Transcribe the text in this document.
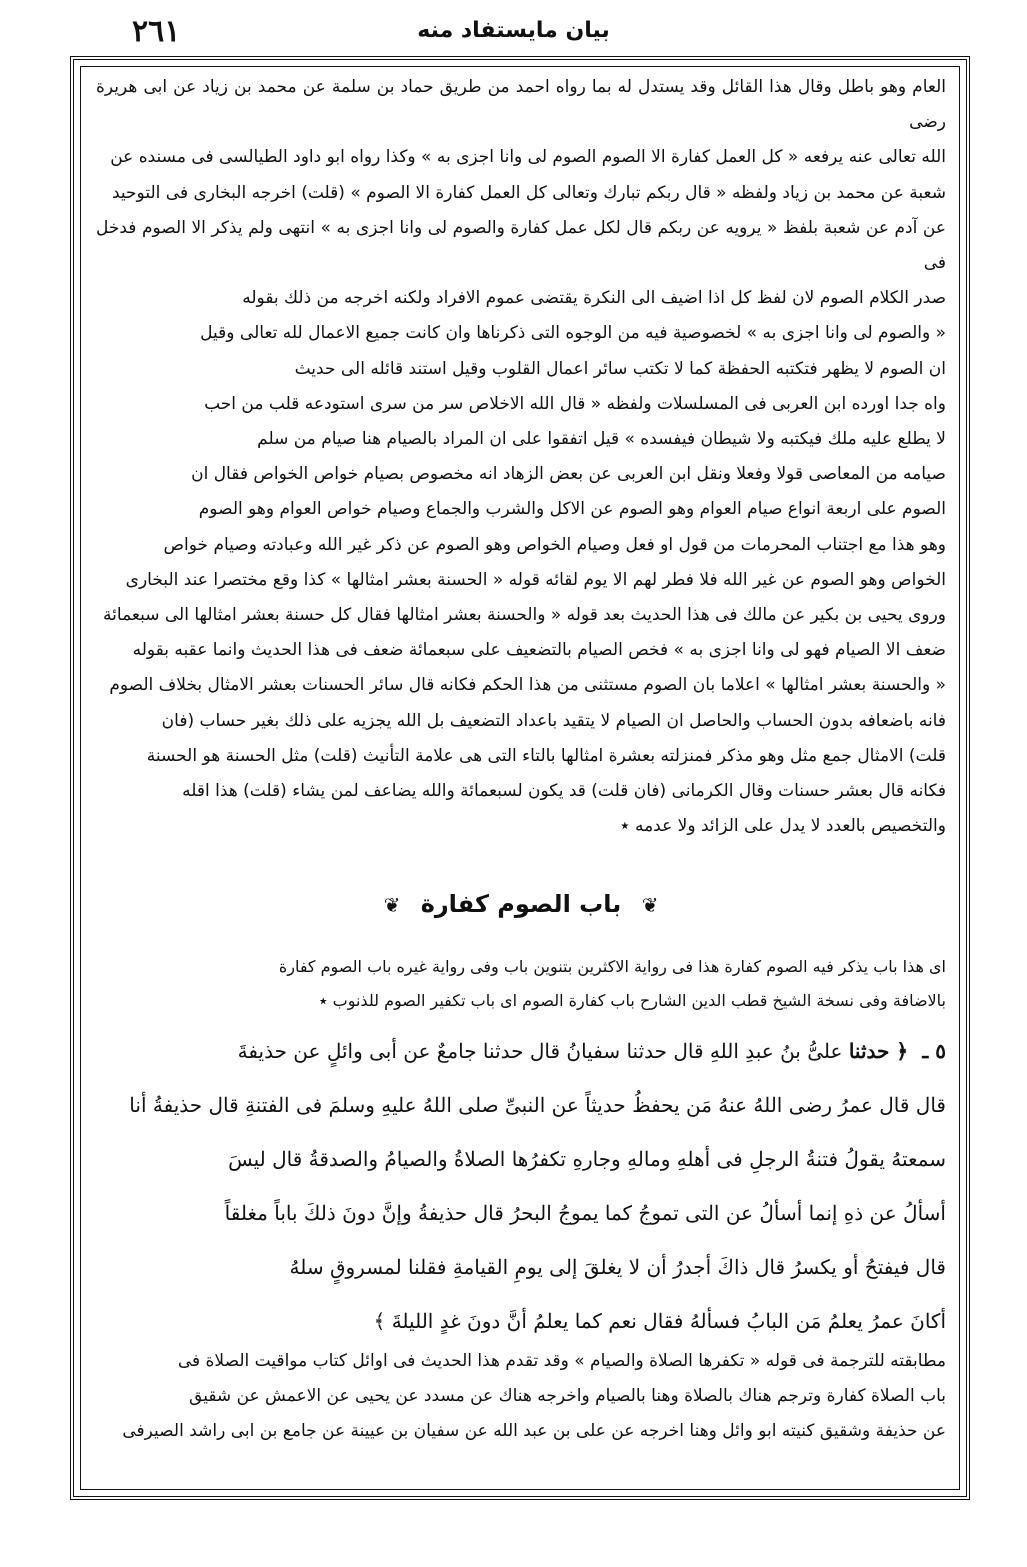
٢٦١	بيان مايستفاد منه

العام وهو باطل وقال هذا القائل وقد يستدل له بما رواه احمد من طريق حماد بن سلمة عن محمد بن زياد عن ابى هريرة رضى

الله تعالى عنه يرفعه « كل العمل كفارة الا الصوم الصوم لى وانا اجزى به » وكذا رواه ابو داود الطيالسى فى مسنده عن

شعبة عن محمد بن زياد ولفظه « قال ربكم تبارك وتعالى كل العمل كفارة الا الصوم » (قلت) اخرجه البخارى فى التوحيد

عن آدم عن شعبة بلفظ « يرويه عن ربكم قال لكل عمل كفارة والصوم لى وانا اجزى به » انتهى ولم يذكر الا الصوم فدخل فى

صدر الكلام الصوم لان لفظ كل اذا اضيف الى النكرة يقتضى عموم الافراد ولكنه اخرجه من ذلك بقوله

« والصوم لى وانا اجزى به » لخصوصية فيه من الوجوه التى ذكرناها وان كانت جميع الاعمال لله تعالى وقيل

ان الصوم لا يظهر فتكتبه الحفظة كما لا تكتب سائر اعمال القلوب وقيل استند قائله الى حديث

واه جدا اورده ابن العربى فى المسلسلات ولفظه « قال الله الاخلاص سر من سرى استودعه قلب من احب

لا يطلع عليه ملك فيكتبه ولا شيطان فيفسده » قيل اتفقوا على ان المراد بالصيام هنا صيام من سلم

صيامه من المعاصى قولا وفعلا ونقل ابن العربى عن بعض الزهاد انه مخصوص بصيام خواص الخواص فقال ان

الصوم على اربعة انواع صيام العوام وهو الصوم عن الاكل والشرب والجماع وصيام خواص العوام وهو الصوم

وهو هذا مع اجتناب المحرمات من قول او فعل وصيام الخواص وهو الصوم عن ذكر غير الله وعبادته وصيام خواص

الخواص وهو الصوم عن غير الله فلا فطر لهم الا يوم لقائه قوله « الحسنة بعشر امثالها » كذا وقع مختصرا عند البخارى

وروى يحيى بن بكير عن مالك فى هذا الحديث بعد قوله « والحسنة بعشر امثالها فقال كل حسنة بعشر امثالها الى سبعمائة

ضعف الا الصيام فهو لى وانا اجزى به » فخص الصيام بالتضعيف على سبعمائة ضعف فى هذا الحديث وانما عقبه بقوله

« والحسنة بعشر امثالها » اعلاما بان الصوم مستثنى من هذا الحكم فكانه قال سائر الحسنات بعشر الامثال بخلاف الصوم

فانه باضعافه بدون الحساب والحاصل ان الصيام لا يتقيد باعداد التضعيف بل الله يجزيه على ذلك بغير حساب (فان

قلت) الامثال جمع مثل وهو مذكر فمنزلته بعشرة امثالها بالتاء التى هى علامة التأنيث (قلت) مثل الحسنة هو الحسنة

فكانه قال بعشر حسنات وقال الكرمانى (فان قلت) قد يكون لسبعمائة والله يضاعف لمن يشاء (قلت) هذا اقله

والتخصيص بالعدد لا يدل على الزائد ولا عدمه ٭

❦ باب الصوم كفارة ❦

اى هذا باب يذكر فيه الصوم كفارة هذا فى رواية الاكثرين بتنوين باب وفى رواية غيره باب الصوم كفارة

بالاضافة وفى نسخة الشيخ قطب الدين الشارح باب كفارة الصوم اى باب تكفير الصوم للذنوب ٭

٥ ـ ﴿ حدثنا علىُّ بنُ عبدِ اللهِ قال حدثنا سفيانُ قال حدثنا جامعٌ عن أبى وائلٍ عن حذيفةَ

قال قال عمرُ رضى اللهُ عنهُ مَن يحفظُ حديثاً عن النبىِّ صلى اللهُ عليهِ وسلمَ فى الفتنةِ قال حذيفةُ أنا

سمعتهُ يقولُ فتنةُ الرجلِ فى أهلهِ ومالهِ وجارهِ تكفرُها الصلاةُ والصيامُ والصدقةُ قال ليسَ

أسألُ عن ذهِ إنما أسألُ عن التى تموجُ كما يموجُ البحرُ قال حذيفةُ وإنَّ دونَ ذلكَ باباً مغلقاً

قال فيفتحُ أو يكسرُ قال ذاكَ أجدرُ أن لا يغلقَ إلى يومِ القيامةِ فقلنا لمسروقٍ سلهُ

أكانَ عمرُ يعلمُ مَن البابُ فسألهُ فقال نعم كما يعلمُ أنَّ دونَ غدٍ الليلةَ ﴾

مطابقته للترجمة فى قوله « تكفرها الصلاة والصيام » وقد تقدم هذا الحديث فى اوائل كتاب مواقيت الصلاة فى

باب الصلاة كفارة وترجم هناك بالصلاة وهنا بالصيام واخرجه هناك عن مسدد عن يحيى عن الاعمش عن شقيق

عن حذيفة وشقيق كنيته ابو وائل وهنا اخرجه عن على بن عبد الله عن سفيان بن عيينة عن جامع بن ابى راشد الصيرفى
